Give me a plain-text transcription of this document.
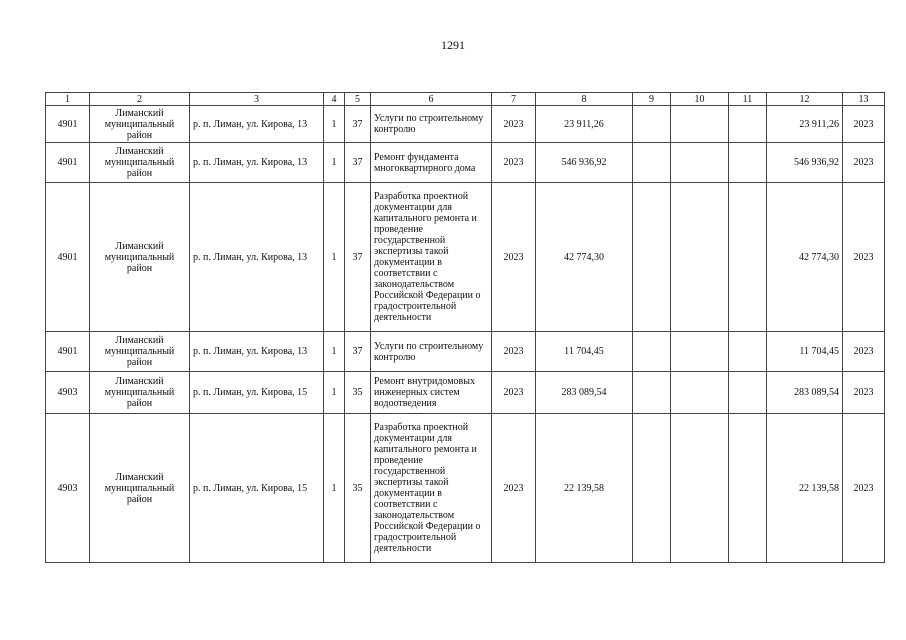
1291
1	2	3	4	5	6	7	8	9	10	11	12	13
4901	Лиманский муниципальный район	р. п. Лиман, ул. Кирова, 13	1	37	Услуги по строительному контролю	2023	23 911,26				23 911,26	2023
4901	Лиманский муниципальный район	р. п. Лиман, ул. Кирова, 13	1	37	Ремонт фундамента многоквартирного дома	2023	546 936,92				546 936,92	2023
4901	Лиманский муниципальный район	р. п. Лиман, ул. Кирова, 13	1	37	Разработка проектной документации для капитального ремонта и проведение государственной экспертизы такой документации в соответствии с законодательством Российской Федерации о градостроительной деятельности	2023	42 774,30				42 774,30	2023
4901	Лиманский муниципальный район	р. п. Лиман, ул. Кирова, 13	1	37	Услуги по строительному контролю	2023	11 704,45				11 704,45	2023
4903	Лиманский муниципальный район	р. п. Лиман, ул. Кирова, 15	1	35	Ремонт внутридомовых инженерных систем водоотведения	2023	283 089,54				283 089,54	2023
4903	Лиманский муниципальный район	р. п. Лиман, ул. Кирова, 15	1	35	Разработка проектной документации для капитального ремонта и проведение государственной экспертизы такой документации в соответствии с законодательством Российской Федерации о градостроительной деятельности	2023	22 139,58				22 139,58	2023
